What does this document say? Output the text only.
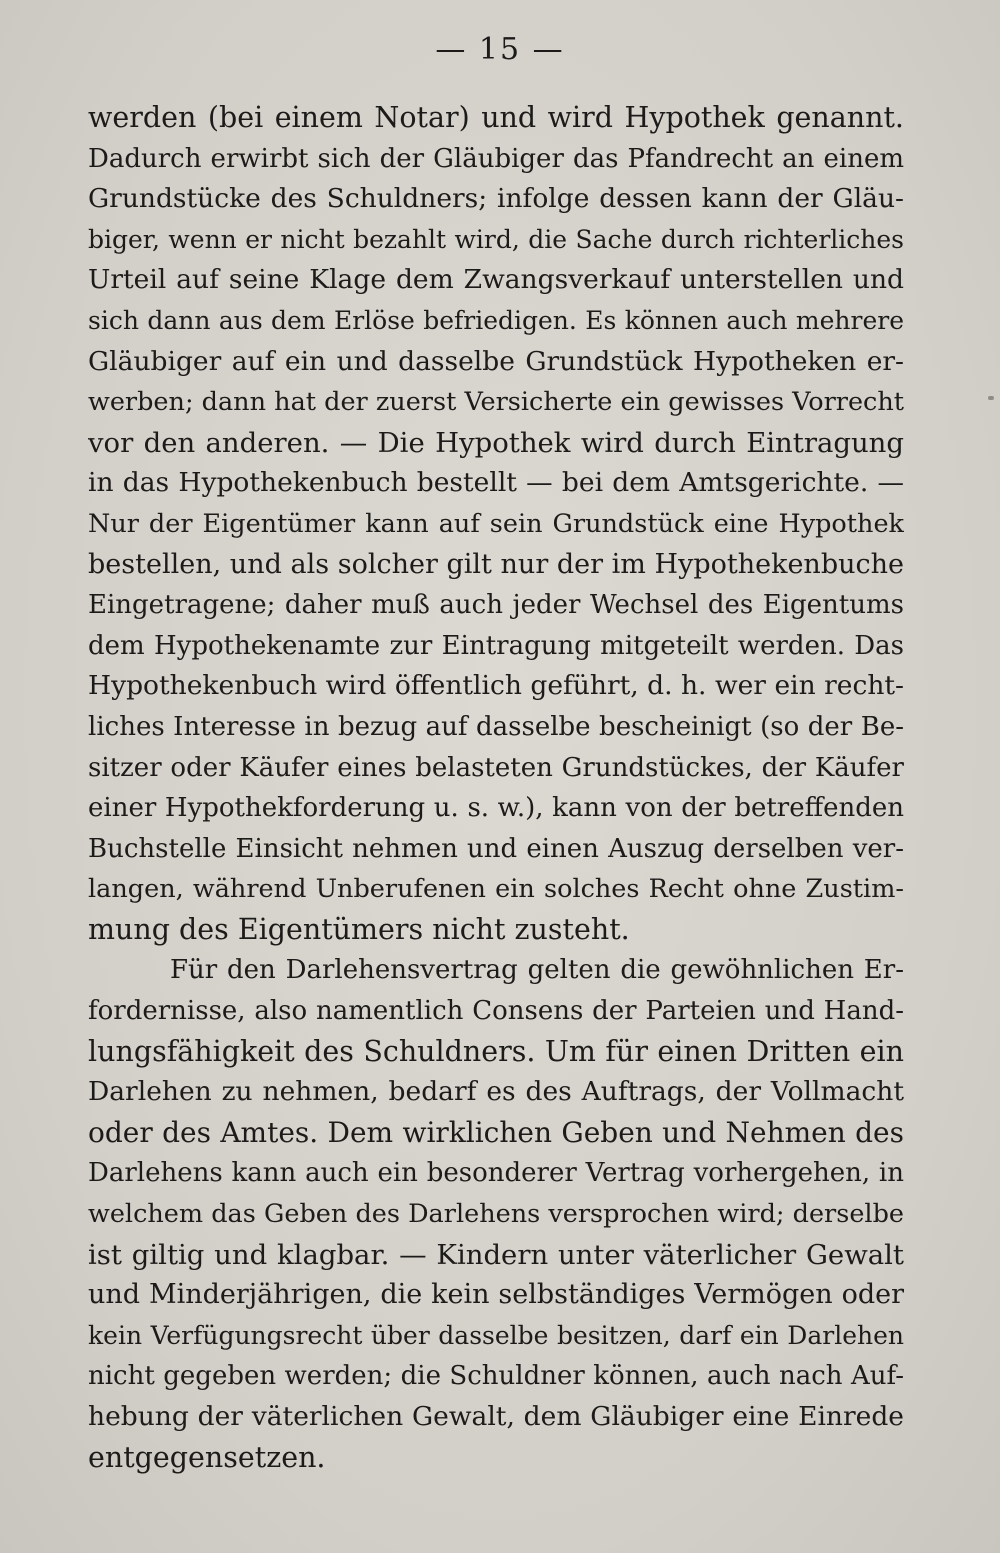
— 15 —
werden (bei einem Notar) und wird Hypothek genannt.
Dadurch erwirbt sich der Gläubiger das Pfandrecht an einem
Grundstücke des Schuldners; infolge dessen kann der Gläu-
biger, wenn er nicht bezahlt wird, die Sache durch richterliches
Urteil auf seine Klage dem Zwangsverkauf unterstellen und
sich dann aus dem Erlöse befriedigen. Es können auch mehrere
Gläubiger auf ein und dasselbe Grundstück Hypotheken er-
werben; dann hat der zuerst Versicherte ein gewisses Vorrecht
vor den anderen. — Die Hypothek wird durch Eintragung
in das Hypothekenbuch bestellt — bei dem Amtsgerichte. —
Nur der Eigentümer kann auf sein Grundstück eine Hypothek
bestellen, und als solcher gilt nur der im Hypothekenbuche
Eingetragene; daher muß auch jeder Wechsel des Eigentums
dem Hypothekenamte zur Eintragung mitgeteilt werden. Das
Hypothekenbuch wird öffentlich geführt, d. h. wer ein recht-
liches Interesse in bezug auf dasselbe bescheinigt (so der Be-
sitzer oder Käufer eines belasteten Grundstückes, der Käufer
einer Hypothekforderung u. s. w.), kann von der betreffenden
Buchstelle Einsicht nehmen und einen Auszug derselben ver-
langen, während Unberufenen ein solches Recht ohne Zustim-
mung des Eigentümers nicht zusteht.
Für den Darlehensvertrag gelten die gewöhnlichen Er-
fordernisse, also namentlich Consens der Parteien und Hand-
lungsfähigkeit des Schuldners. Um für einen Dritten ein
Darlehen zu nehmen, bedarf es des Auftrags, der Vollmacht
oder des Amtes. Dem wirklichen Geben und Nehmen des
Darlehens kann auch ein besonderer Vertrag vorhergehen, in
welchem das Geben des Darlehens versprochen wird; derselbe
ist giltig und klagbar. — Kindern unter väterlicher Gewalt
und Minderjährigen, die kein selbständiges Vermögen oder
kein Verfügungsrecht über dasselbe besitzen, darf ein Darlehen
nicht gegeben werden; die Schuldner können, auch nach Auf-
hebung der väterlichen Gewalt, dem Gläubiger eine Einrede
entgegensetzen.
